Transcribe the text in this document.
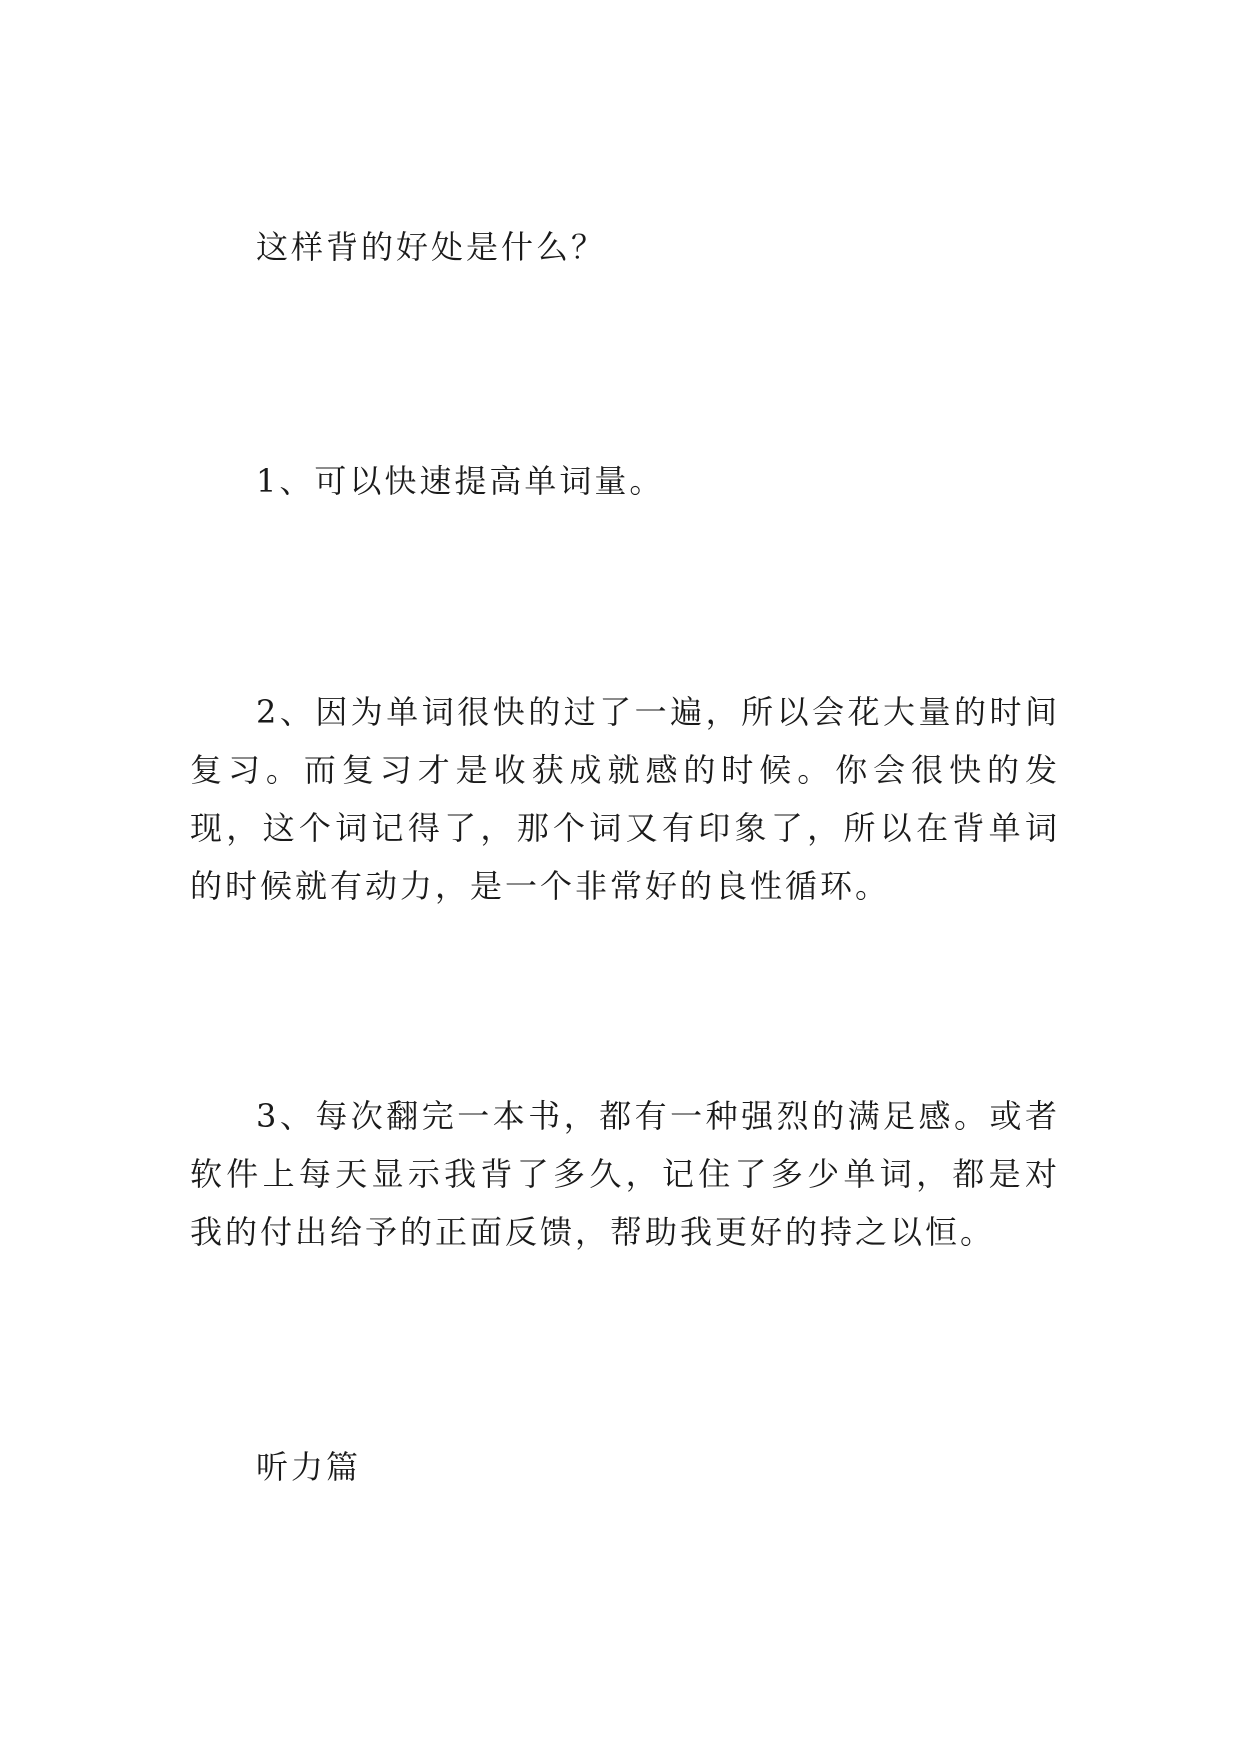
这样背的好处是什么？

1、可以快速提高单词量。

2、因为单词很快的过了一遍，所以会花大量的时间复习。而复习才是收获成就感的时候。你会很快的发现，这个词记得了，那个词又有印象了，所以在背单词的时候就有动力，是一个非常好的良性循环。

3、每次翻完一本书，都有一种强烈的满足感。或者软件上每天显示我背了多久，记住了多少单词，都是对我的付出给予的正面反馈，帮助我更好的持之以恒。

听力篇
